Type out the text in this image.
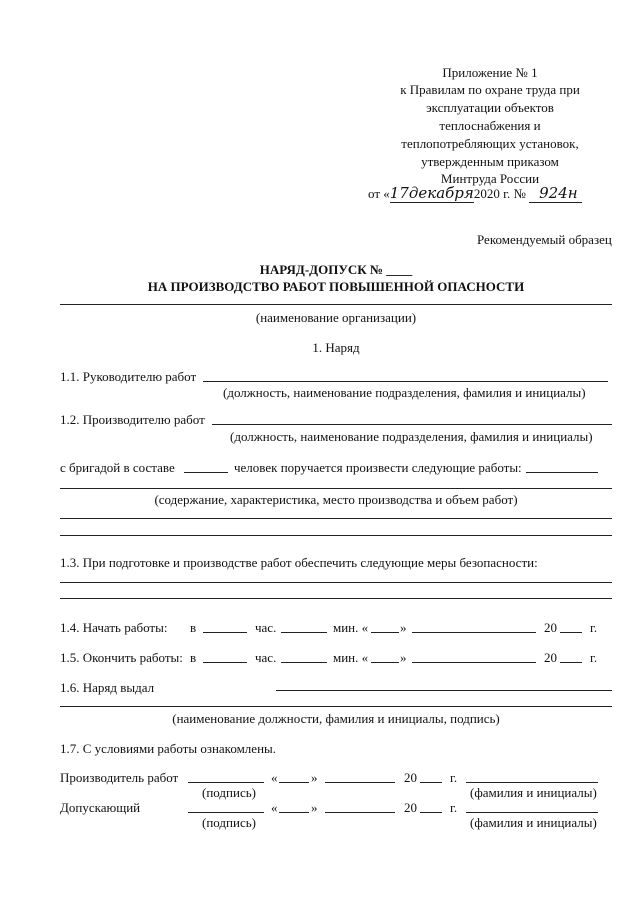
Приложение № 1
к Правилам по охране труда при
эксплуатации объектов
теплоснабжения и
теплопотребляющих установок,
утвержденным приказом
Минтруда России
от «17декабря2020 г. № 924н
Рекомендуемый образец
НАРЯД-ДОПУСК № ____
НА ПРОИЗВОДСТВО РАБОТ ПОВЫШЕННОЙ ОПАСНОСТИ
(наименование организации)
1. Наряд
1.1. Руководителю работ
(должность, наименование подразделения, фамилия и инициалы)
1.2. Производителю работ
(должность, наименование подразделения, фамилия и инициалы)
с бригадой в составе	человек поручается произвести следующие работы:
(содержание, характеристика, место производства и объем работ)
1.3. При подготовке и производстве работ обеспечить следующие меры безопасности:
1.4. Начать работы: в	час.	мин. « »	20	г.
1.5. Окончить работы: в	час.	мин. « »	20	г.
1.6. Наряд выдал
(наименование должности, фамилия и инициалы, подпись)
1.7. С условиями работы ознакомлены.
Производитель работ	«	»	20	г.
(подпись)	(фамилия и инициалы)
Допускающий	«	»	20	г.
(подпись)	(фамилия и инициалы)
